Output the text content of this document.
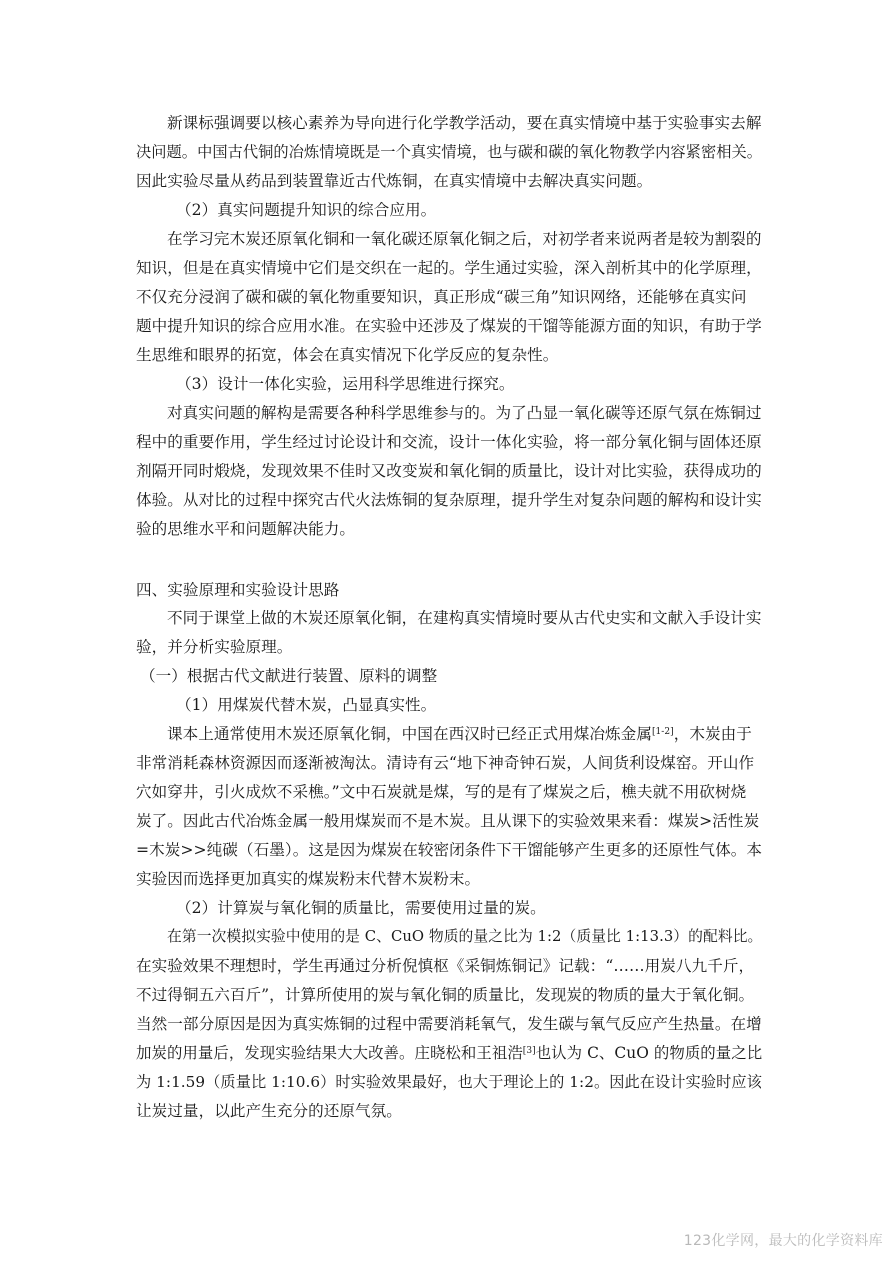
新课标强调要以核心素养为导向进行化学教学活动，要在真实情境中基于实验事实去解
决问题。中国古代铜的冶炼情境既是一个真实情境，也与碳和碳的氧化物教学内容紧密相关。
因此实验尽量从药品到装置靠近古代炼铜，在真实情境中去解决真实问题。
（2）真实问题提升知识的综合应用。
在学习完木炭还原氧化铜和一氧化碳还原氧化铜之后，对初学者来说两者是较为割裂的
知识，但是在真实情境中它们是交织在一起的。学生通过实验，深入剖析其中的化学原理，
不仅充分浸润了碳和碳的氧化物重要知识，真正形成“碳三角”知识网络，还能够在真实问
题中提升知识的综合应用水准。在实验中还涉及了煤炭的干馏等能源方面的知识，有助于学
生思维和眼界的拓宽，体会在真实情况下化学反应的复杂性。
（3）设计一体化实验，运用科学思维进行探究。
对真实问题的解构是需要各种科学思维参与的。为了凸显一氧化碳等还原气氛在炼铜过
程中的重要作用，学生经过讨论设计和交流，设计一体化实验，将一部分氧化铜与固体还原
剂隔开同时煅烧，发现效果不佳时又改变炭和氧化铜的质量比，设计对比实验，获得成功的
体验。从对比的过程中探究古代火法炼铜的复杂原理，提升学生对复杂问题的解构和设计实
验的思维水平和问题解决能力。
四、实验原理和实验设计思路
不同于课堂上做的木炭还原氧化铜，在建构真实情境时要从古代史实和文献入手设计实
验，并分析实验原理。
（一）根据古代文献进行装置、原料的调整
（1）用煤炭代替木炭，凸显真实性。
课本上通常使用木炭还原氧化铜，中国在西汉时已经正式用煤冶炼金属[1-2]，木炭由于
非常消耗森林资源因而逐渐被淘汰。清诗有云“地下神奇钟石炭，人间货利设煤窑。开山作
穴如穿井，引火成炊不采樵。”文中石炭就是煤，写的是有了煤炭之后，樵夫就不用砍树烧
炭了。因此古代冶炼金属一般用煤炭而不是木炭。且从课下的实验效果来看：煤炭>活性炭
=木炭>>纯碳（石墨）。这是因为煤炭在较密闭条件下干馏能够产生更多的还原性气体。本
实验因而选择更加真实的煤炭粉末代替木炭粉末。
（2）计算炭与氧化铜的质量比，需要使用过量的炭。
在第一次模拟实验中使用的是 C、CuO 物质的量之比为 1:2（质量比 1:13.3）的配料比。
在实验效果不理想时，学生再通过分析倪慎枢《采铜炼铜记》记载：“……用炭八九千斤，
不过得铜五六百斤”，计算所使用的炭与氧化铜的质量比，发现炭的物质的量大于氧化铜。
当然一部分原因是因为真实炼铜的过程中需要消耗氧气，发生碳与氧气反应产生热量。在增
加炭的用量后，发现实验结果大大改善。庄晓松和王祖浩[3]也认为 C、CuO 的物质的量之比
为 1:1.59（质量比 1:10.6）时实验效果最好，也大于理论上的 1:2。因此在设计实验时应该
让炭过量，以此产生充分的还原气氛。
123化学网，最大的化学资料库
